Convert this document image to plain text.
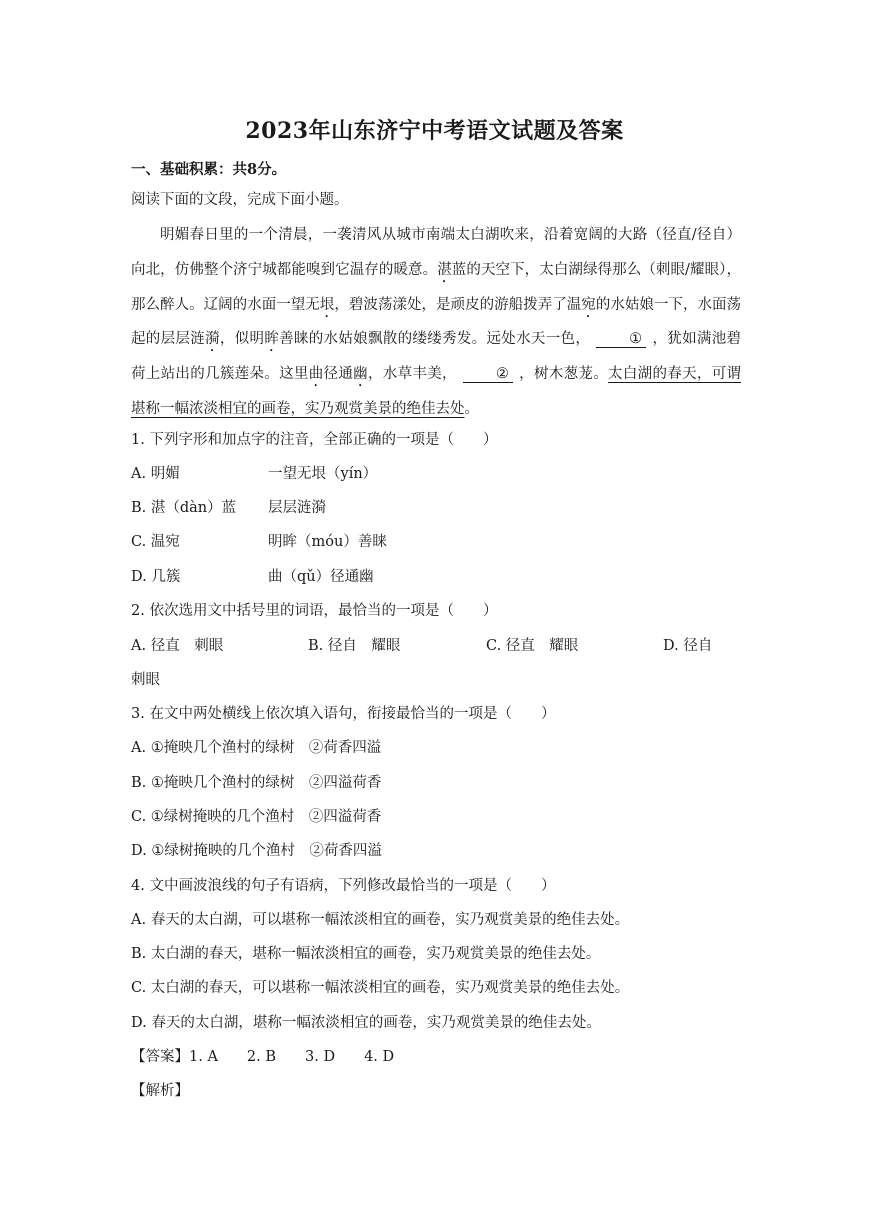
2023年山东济宁中考语文试题及答案
一、基础积累：共8分。
阅读下面的文段，完成下面小题。
明媚春日里的一个清晨，一袭清风从城市南端太白湖吹来，沿着宽阔的大路（径直/径自）向北，仿佛整个济宁城都能嗅到它温存的暖意。湛蓝的天空下，太白湖绿得那么（刺眼/耀眼），那么醉人。辽阔的水面一望无垠，碧波荡漾处，是顽皮的游船拨弄了温宛的水姑娘一下，水面荡起的层层涟漪，似明眸善睐的水姑娘飘散的缕缕秀发。远处水天一色，	① ，犹如满池碧荷上站出的几簇莲朵。这里曲径通幽，水草丰美，	② ，树木葱茏。太白湖的春天，可谓堪称一幅浓淡相宜的画卷，实乃观赏美景的绝佳去处。
1. 下列字形和加点字的注音，全部正确的一项是（　　）
A. 明媚	一望无垠（yín）
B. 湛（dàn）蓝 层层涟漪
C. 温宛	明眸（móu）善睐
D. 几簇	曲（qǔ）径通幽
2. 依次选用文中括号里的词语，最恰当的一项是（　　）
A. 径直　刺眼	B. 径自　耀眼	C. 径直　耀眼	D. 径自
刺眼
3. 在文中两处横线上依次填入语句，衔接最恰当的一项是（　　）
A. ①掩映几个渔村的绿树　②荷香四溢
B. ①掩映几个渔村的绿树　②四溢荷香
C. ①绿树掩映的几个渔村　②四溢荷香
D. ①绿树掩映的几个渔村　②荷香四溢
4. 文中画波浪线的句子有语病，下列修改最恰当的一项是（　　）
A. 春天的太白湖，可以堪称一幅浓淡相宜的画卷，实乃观赏美景的绝佳去处。
B. 太白湖的春天，堪称一幅浓淡相宜的画卷，实乃观赏美景的绝佳去处。
C. 太白湖的春天，可以堪称一幅浓淡相宜的画卷，实乃观赏美景的绝佳去处。
D. 春天的太白湖，堪称一幅浓淡相宜的画卷，实乃观赏美景的绝佳去处。
【答案】1. A　　2. B　　3. D　　4. D
【解析】
